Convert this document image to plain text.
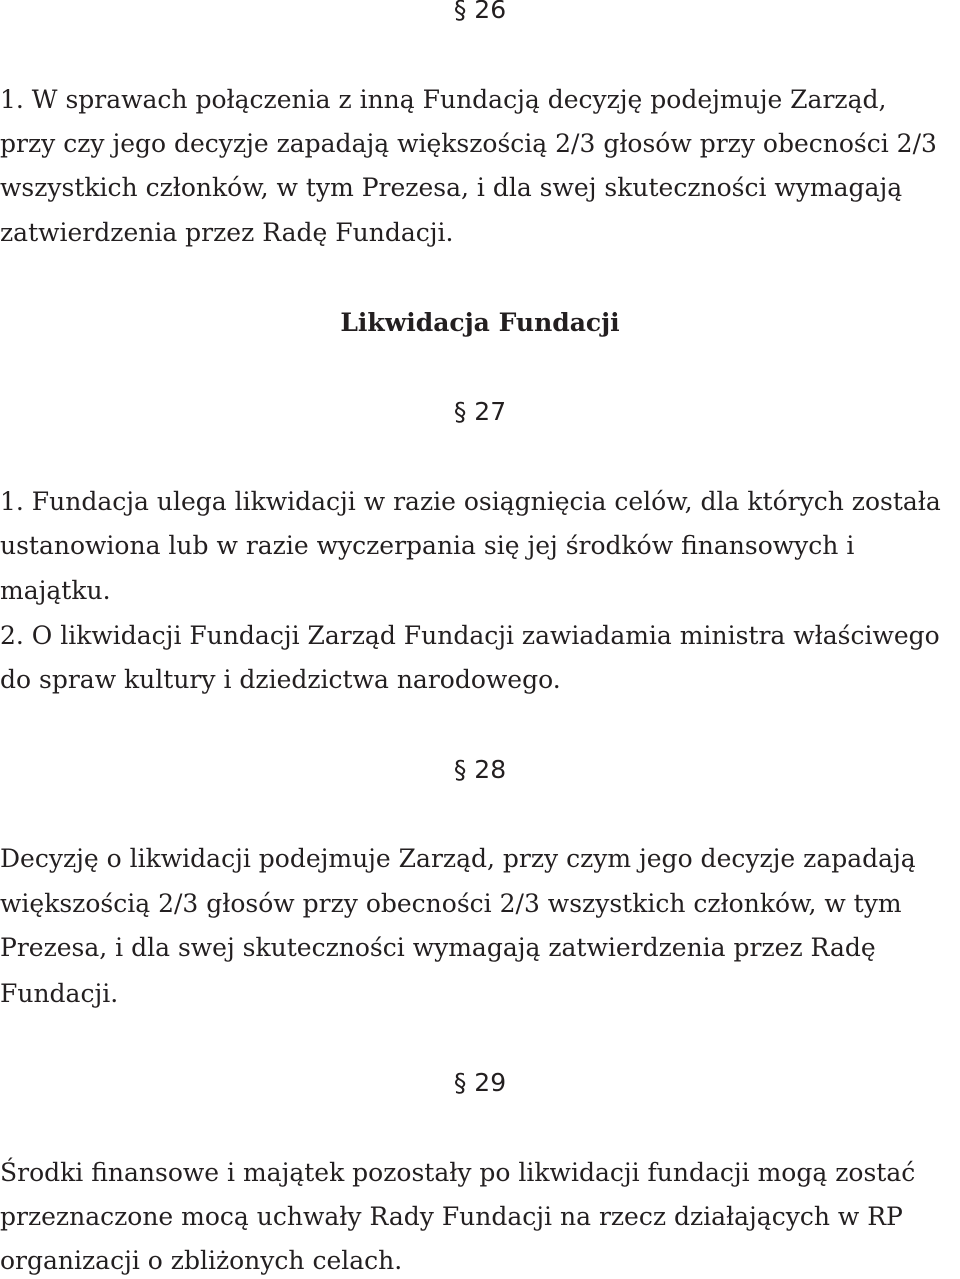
§ 26
1. W sprawach połączenia z inną Fundacją decyzję podejmuje Zarząd,
przy czy jego decyzje zapadają większością 2/3 głosów przy obecności 2/3
wszystkich członków, w tym Prezesa, i dla swej skuteczności wymagają
zatwierdzenia przez Radę Fundacji.
Likwidacja Fundacji
§ 27
1. Fundacja ulega likwidacji w razie osiągnięcia celów, dla których została
ustanowiona lub w razie wyczerpania się jej środków finansowych i
majątku.
2. O likwidacji Fundacji Zarząd Fundacji zawiadamia ministra właściwego
do spraw kultury i dziedzictwa narodowego.
§ 28
Decyzję o likwidacji podejmuje Zarząd, przy czym jego decyzje zapadają
większością 2/3 głosów przy obecności 2/3 wszystkich członków, w tym
Prezesa, i dla swej skuteczności wymagają zatwierdzenia przez Radę
Fundacji.
§ 29
Środki finansowe i majątek pozostały po likwidacji fundacji mogą zostać
przeznaczone mocą uchwały Rady Fundacji na rzecz działających w RP
organizacji o zbliżonych celach.
